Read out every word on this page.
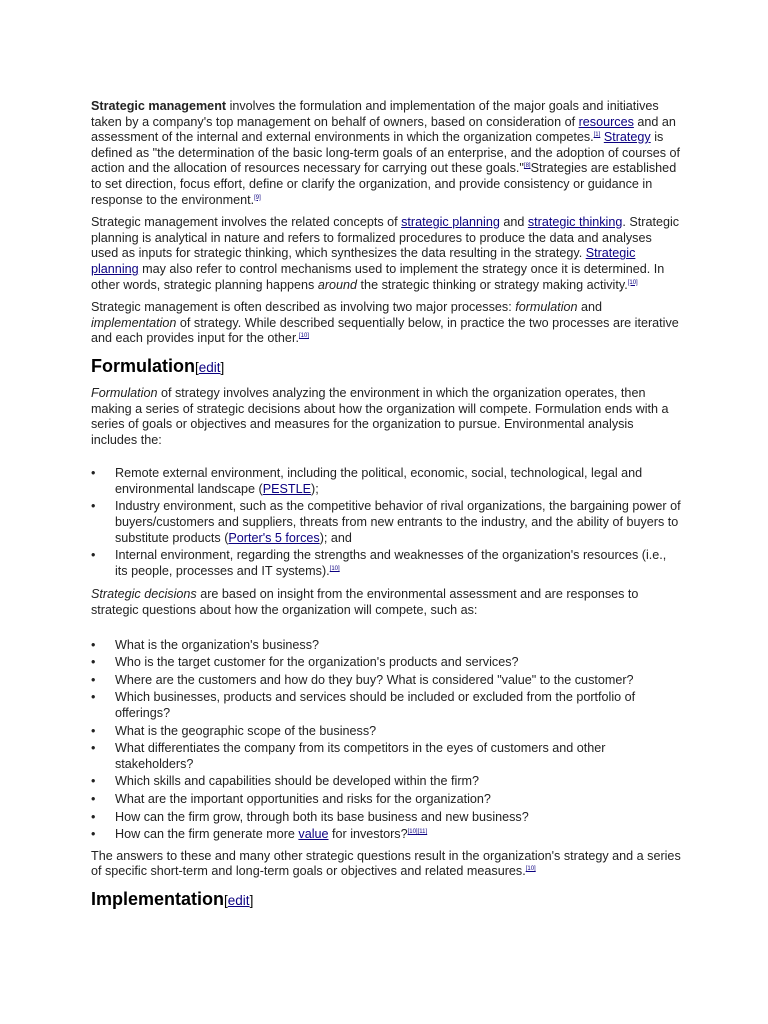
Strategic management involves the formulation and implementation of the major goals and initiatives taken by a company's top management on behalf of owners, based on consideration of resources and an assessment of the internal and external environments in which the organization competes.[1] Strategy is defined as "the determination of the basic long-term goals of an enterprise, and the adoption of courses of action and the allocation of resources necessary for carrying out these goals."[8]Strategies are established to set direction, focus effort, define or clarify the organization, and provide consistency or guidance in response to the environment.[9]

Strategic management involves the related concepts of strategic planning and strategic thinking. Strategic planning is analytical in nature and refers to formalized procedures to produce the data and analyses used as inputs for strategic thinking, which synthesizes the data resulting in the strategy. Strategic planning may also refer to control mechanisms used to implement the strategy once it is determined. In other words, strategic planning happens around the strategic thinking or strategy making activity.[10]

Strategic management is often described as involving two major processes: formulation and implementation of strategy. While described sequentially below, in practice the two processes are iterative and each provides input for the other.[10]

Formulation[edit]

Formulation of strategy involves analyzing the environment in which the organization operates, then making a series of strategic decisions about how the organization will compete. Formulation ends with a series of goals or objectives and measures for the organization to pursue. Environmental analysis includes the:

• Remote external environment, including the political, economic, social, technological, legal and environmental landscape (PESTLE);
• Industry environment, such as the competitive behavior of rival organizations, the bargaining power of buyers/customers and suppliers, threats from new entrants to the industry, and the ability of buyers to substitute products (Porter's 5 forces); and
• Internal environment, regarding the strengths and weaknesses of the organization's resources (i.e., its people, processes and IT systems).[10]

Strategic decisions are based on insight from the environmental assessment and are responses to strategic questions about how the organization will compete, such as:

• What is the organization's business?
• Who is the target customer for the organization's products and services?
• Where are the customers and how do they buy? What is considered "value" to the customer?
• Which businesses, products and services should be included or excluded from the portfolio of offerings?
• What is the geographic scope of the business?
• What differentiates the company from its competitors in the eyes of customers and other stakeholders?
• Which skills and capabilities should be developed within the firm?
• What are the important opportunities and risks for the organization?
• How can the firm grow, through both its base business and new business?
• How can the firm generate more value for investors?[10][11]

The answers to these and many other strategic questions result in the organization's strategy and a series of specific short-term and long-term goals or objectives and related measures.[10]

Implementation[edit]
